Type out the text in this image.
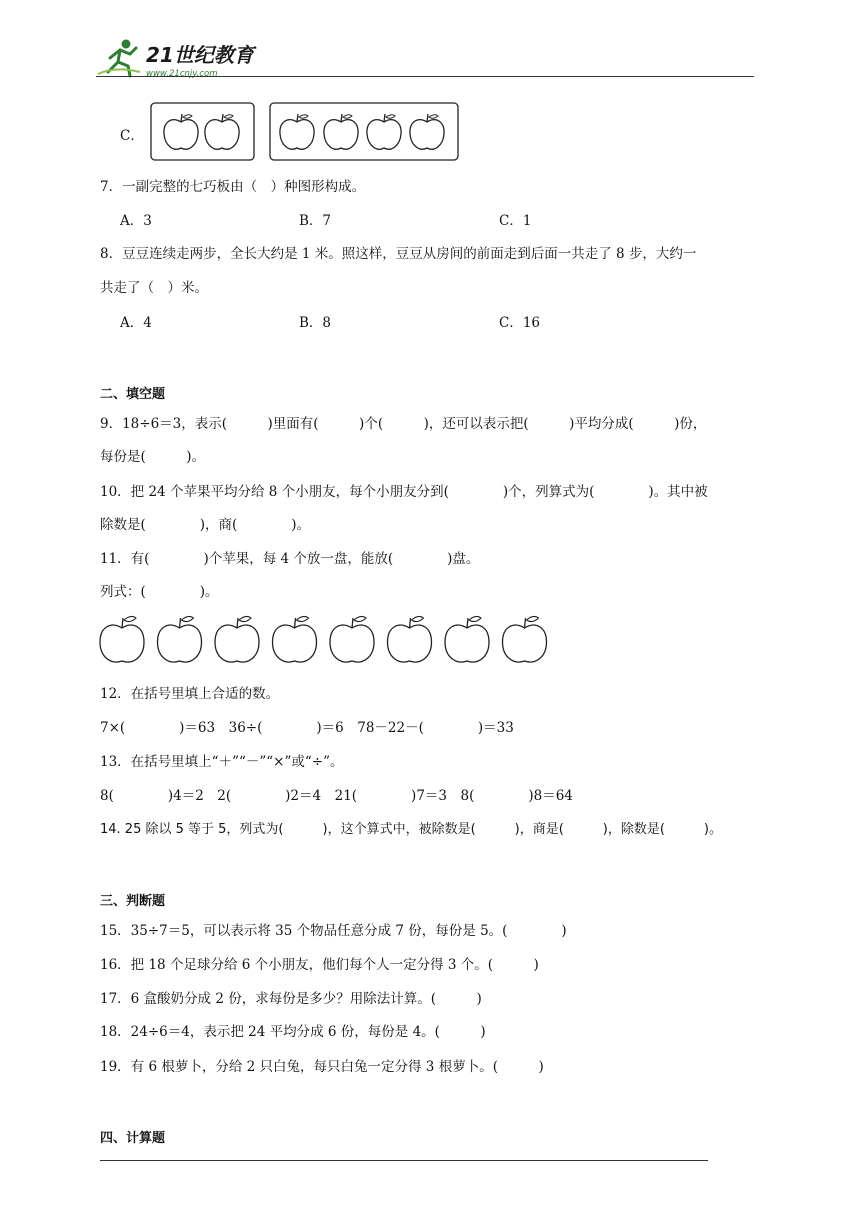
21世纪教育
www.21cnjy.com
C．
7．一副完整的七巧板由（　）种图形构成。
A．3	B．7	C．1
8．豆豆连续走两步，全长大约是 1 米。照这样，豆豆从房间的前面走到后面一共走了 8 步，大约一
共走了（　）米。
A．4	B．8	C．16
二、填空题
9．18÷6＝3，表示(　　　)里面有(　　　)个(　　　)，还可以表示把(　　　)平均分成(　　　)份，
每份是(　　　)。
10．把 24 个苹果平均分给 8 个小朋友，每个小朋友分到(　　　　)个，列算式为(　　　　)。其中被
除数是(　　　　)，商(　　　　)。
11．有(　　　　)个苹果，每 4 个放一盘，能放(　　　　)盘。
列式：(　　　　)。
12．在括号里填上合适的数。
7×(　　　　)＝63　36÷(　　　　)＝6　78－22－(　　　　)＝33
13．在括号里填上“＋”“－”“×”或“÷”。
8(　　　　)4＝2　2(　　　　)2＝4　21(　　　　)7＝3　8(　　　　)8＝64
14. 25 除以 5 等于 5，列式为(　　　)，这个算式中，被除数是(　　　)，商是(　　　)，除数是(　　　)。
三、判断题
15．35÷7＝5，可以表示将 35 个物品任意分成 7 份，每份是 5。(　　　　)
16．把 18 个足球分给 6 个小朋友，他们每个人一定分得 3 个。(　　　)
17．6 盒酸奶分成 2 份，求每份是多少？用除法计算。(　　　)
18．24÷6＝4，表示把 24 平均分成 6 份，每份是 4。(　　　)
19．有 6 根萝卜，分给 2 只白兔，每只白兔一定分得 3 根萝卜。(　　　)
四、计算题
